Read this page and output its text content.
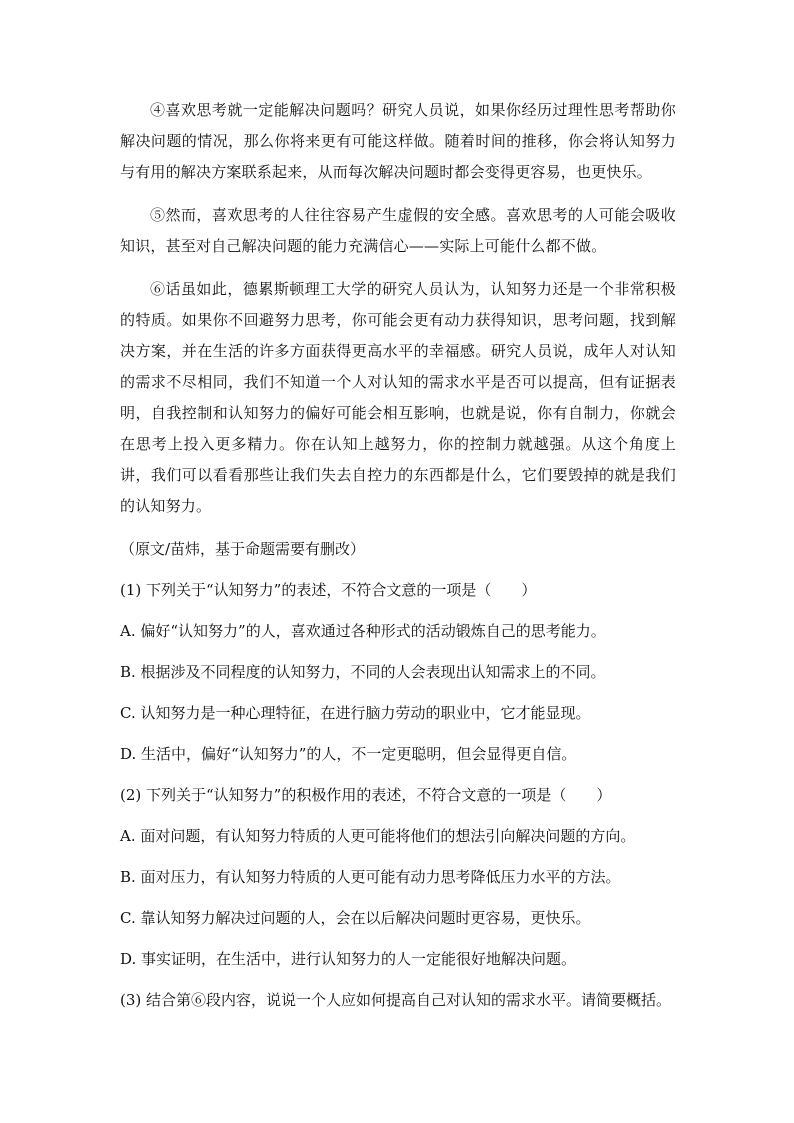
④喜欢思考就一定能解决问题吗？研究人员说，如果你经历过理性思考帮助你解决问题的情况，那么你将来更有可能这样做。随着时间的推移，你会将认知努力与有用的解决方案联系起来，从而每次解决问题时都会变得更容易，也更快乐。

⑤然而，喜欢思考的人往往容易产生虚假的安全感。喜欢思考的人可能会吸收知识，甚至对自己解决问题的能力充满信心——实际上可能什么都不做。

⑥话虽如此，德累斯顿理工大学的研究人员认为，认知努力还是一个非常积极的特质。如果你不回避努力思考，你可能会更有动力获得知识，思考问题，找到解决方案，并在生活的许多方面获得更高水平的幸福感。研究人员说，成年人对认知的需求不尽相同，我们不知道一个人对认知的需求水平是否可以提高，但有证据表明，自我控制和认知努力的偏好可能会相互影响，也就是说，你有自制力，你就会在思考上投入更多精力。你在认知上越努力，你的控制力就越强。从这个角度上讲，我们可以看看那些让我们失去自控力的东西都是什么，它们要毁掉的就是我们的认知努力。

（原文/苗炜，基于命题需要有删改）

(1) 下列关于“认知努力”的表述，不符合文意的一项是（　　）

A. 偏好“认知努力”的人，喜欢通过各种形式的活动锻炼自己的思考能力。

B. 根据涉及不同程度的认知努力，不同的人会表现出认知需求上的不同。

C. 认知努力是一种心理特征，在进行脑力劳动的职业中，它才能显现。

D. 生活中，偏好“认知努力”的人，不一定更聪明，但会显得更自信。

(2) 下列关于“认知努力”的积极作用的表述，不符合文意的一项是（　　）

A. 面对问题，有认知努力特质的人更可能将他们的想法引向解决问题的方向。

B. 面对压力，有认知努力特质的人更可能有动力思考降低压力水平的方法。

C. 靠认知努力解决过问题的人，会在以后解决问题时更容易，更快乐。

D. 事实证明，在生活中，进行认知努力的人一定能很好地解决问题。

(3) 结合第⑥段内容，说说一个人应如何提高自己对认知的需求水平。请简要概括。
